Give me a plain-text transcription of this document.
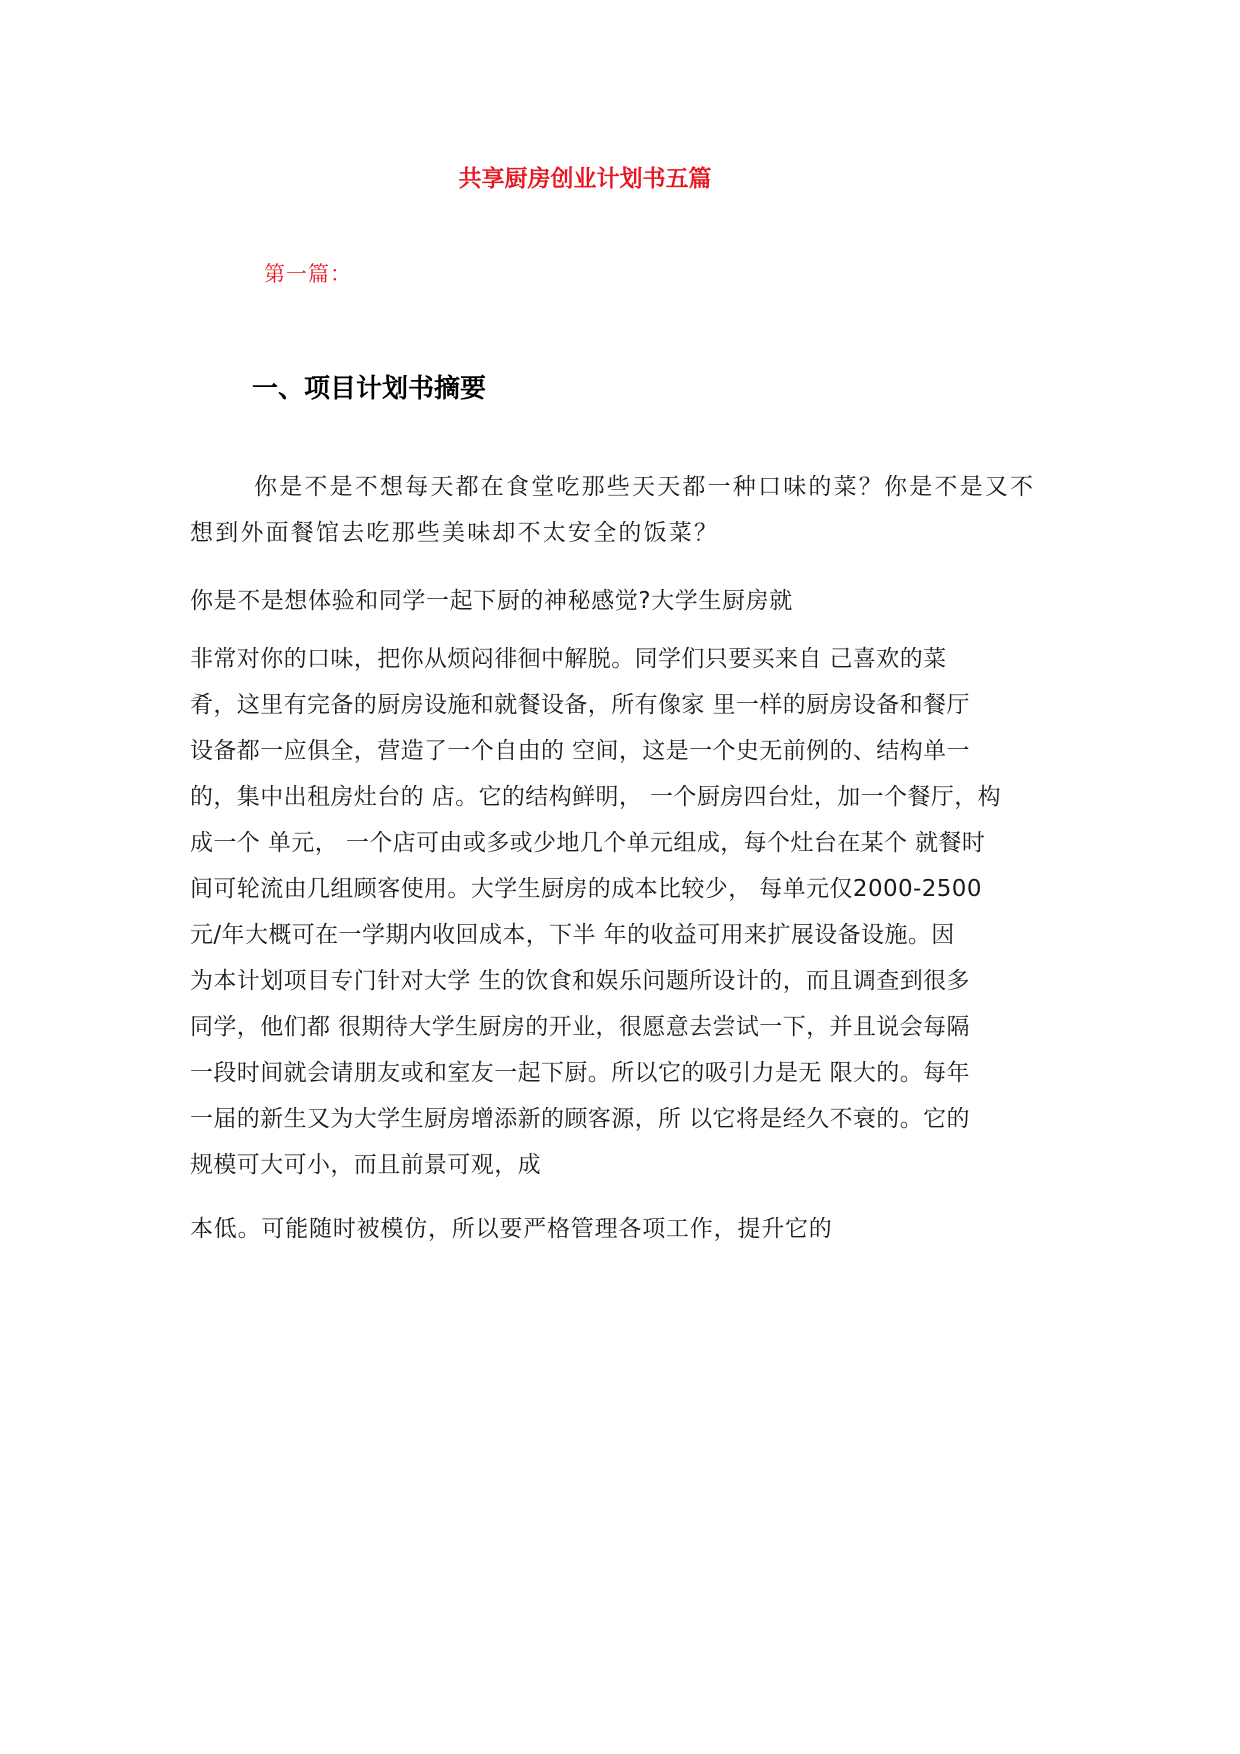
共享厨房创业计划书五篇
第一篇：
一、项目计划书摘要

你是不是不想每天都在食堂吃那些天天都一种口味的菜？你是不是又不想到外面餐馆去吃那些美味却不太安全的饭菜？

你是不是想体验和同学一起下厨的神秘感觉?大学生厨房就

非常对你的口味，把你从烦闷徘徊中解脱。同学们只要买来自 己喜欢的菜
肴，这里有完备的厨房设施和就餐设备，所有像家 里一样的厨房设备和餐厅
设备都一应俱全，营造了一个自由的 空间，这是一个史无前例的、结构单一
的，集中出租房灶台的 店。它的结构鲜明， 一个厨房四台灶，加一个餐厅，构
成一个 单元， 一个店可由或多或少地几个单元组成，每个灶台在某个 就餐时
间可轮流由几组顾客使用。大学生厨房的成本比较少， 每单元仅2000-2500
元/年大概可在一学期内收回成本，下半 年的收益可用来扩展设备设施。因
为本计划项目专门针对大学 生的饮食和娱乐问题所设计的，而且调查到很多
同学，他们都 很期待大学生厨房的开业，很愿意去尝试一下，并且说会每隔
一段时间就会请朋友或和室友一起下厨。所以它的吸引力是无 限大的。每年
一届的新生又为大学生厨房增添新的顾客源，所 以它将是经久不衰的。它的
规模可大可小，而且前景可观，成

本低。可能随时被模仿，所以要严格管理各项工作，提升它的
